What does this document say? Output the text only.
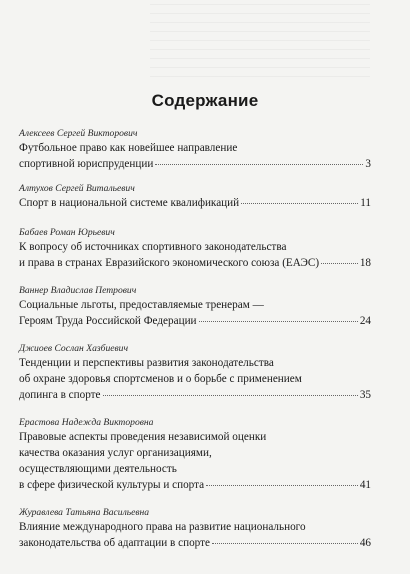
Содержание
Алексеев Сергей Викторович
Футбольное право как новейшее направление
спортивной юриспруденции	3
Алтухов Сергей Витальевич
Спорт в национальной системе квалификаций	11
Бабаев Роман Юрьевич
К вопросу об источниках спортивного законодательства
и права в странах Евразийского экономического союза (ЕАЭС)	18
Ваннер Владислав Петрович
Социальные льготы, предоставляемые тренерам —
Героям Труда Российской Федерации	24
Джиоев Сослан Хазбиевич
Тенденции и перспективы развития законодательства
об охране здоровья спортсменов и о борьбе с применением
допинга в спорте	35
Ерастова Надежда Викторовна
Правовые аспекты проведения независимой оценки
качества оказания услуг организациями,
осуществляющими деятельность
в сфере физической культуры и спорта	41
Журавлева Татьяна Васильевна
Влияние международного права на развитие национального
законодательства об адаптации в спорте	46
